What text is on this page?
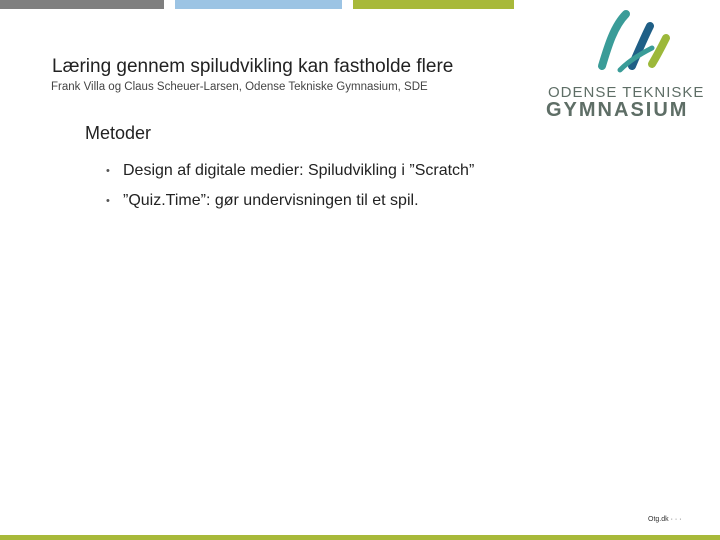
Læring gennem spiludvikling kan fastholde flere
Frank Villa og Claus Scheuer-Larsen, Odense Tekniske Gymnasium, SDE	ODENSE TEKNISKE
GYMNASIUM
Metoder
• Design af digitale medier: Spiludvikling i ”Scratch”
• ”Quiz.Time”: gør undervisningen til et spil.
Otg.dk · · ·
